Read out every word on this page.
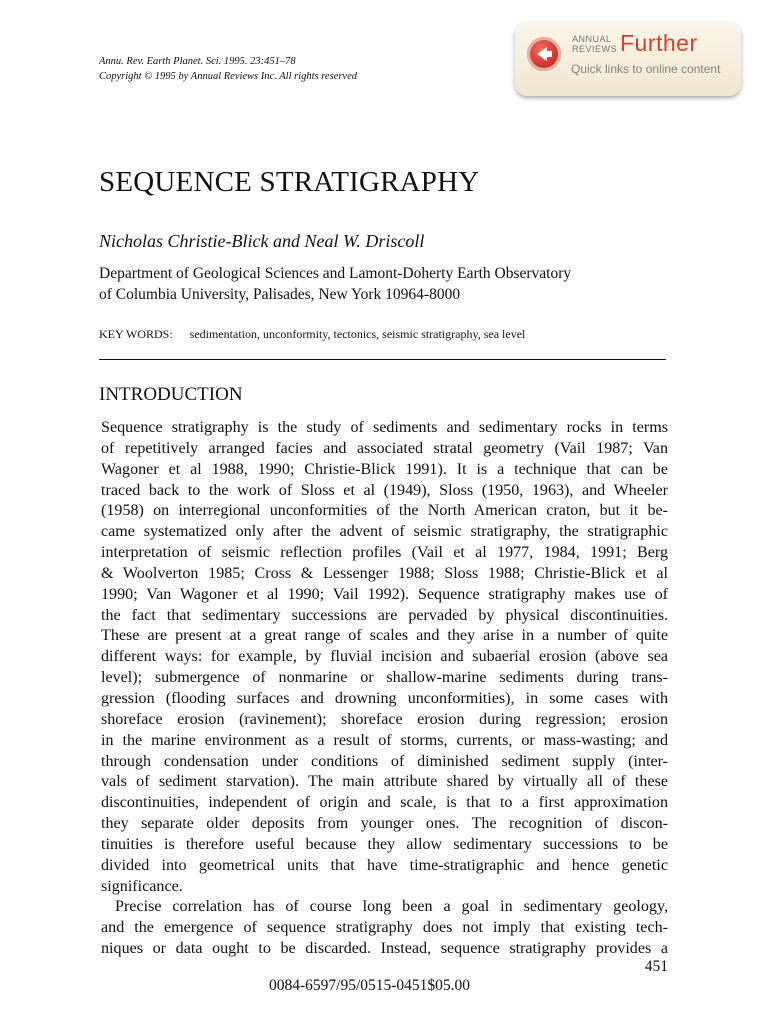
Annu. Rev. Earth Planet. Sci. 1995. 23:451–78
Copyright © 1995 by Annual Reviews Inc. All rights reserved
ANNUAL
REVIEWS Further
Quick links to online content
SEQUENCE STRATIGRAPHY
Nicholas Christie-Blick and Neal W. Driscoll
Department of Geological Sciences and Lamont-Doherty Earth Observatory
of Columbia University, Palisades, New York 10964-8000
KEY WORDS: sedimentation, unconformity, tectonics, seismic stratigraphy, sea level
INTRODUCTION
Sequence stratigraphy is the study of sediments and sedimentary rocks in terms
of repetitively arranged facies and associated stratal geometry (Vail 1987; Van
Wagoner et al 1988, 1990; Christie-Blick 1991). It is a technique that can be
traced back to the work of Sloss et al (1949), Sloss (1950, 1963), and Wheeler
(1958) on interregional unconformities of the North American craton, but it be-
came systematized only after the advent of seismic stratigraphy, the stratigraphic
interpretation of seismic reflection profiles (Vail et al 1977, 1984, 1991; Berg
& Woolverton 1985; Cross & Lessenger 1988; Sloss 1988; Christie-Blick et al
1990; Van Wagoner et al 1990; Vail 1992). Sequence stratigraphy makes use of
the fact that sedimentary successions are pervaded by physical discontinuities.
These are present at a great range of scales and they arise in a number of quite
different ways: for example, by fluvial incision and subaerial erosion (above sea
level); submergence of nonmarine or shallow-marine sediments during trans-
gression (flooding surfaces and drowning unconformities), in some cases with
shoreface erosion (ravinement); shoreface erosion during regression; erosion
in the marine environment as a result of storms, currents, or mass-wasting; and
through condensation under conditions of diminished sediment supply (inter-
vals of sediment starvation). The main attribute shared by virtually all of these
discontinuities, independent of origin and scale, is that to a first approximation
they separate older deposits from younger ones. The recognition of discon-
tinuities is therefore useful because they allow sedimentary successions to be
divided into geometrical units that have time-stratigraphic and hence genetic
significance.
Precise correlation has of course long been a goal in sedimentary geology,
and the emergence of sequence stratigraphy does not imply that existing tech-
niques or data ought to be discarded. Instead, sequence stratigraphy provides a
451
0084-6597/95/0515-0451$05.00
